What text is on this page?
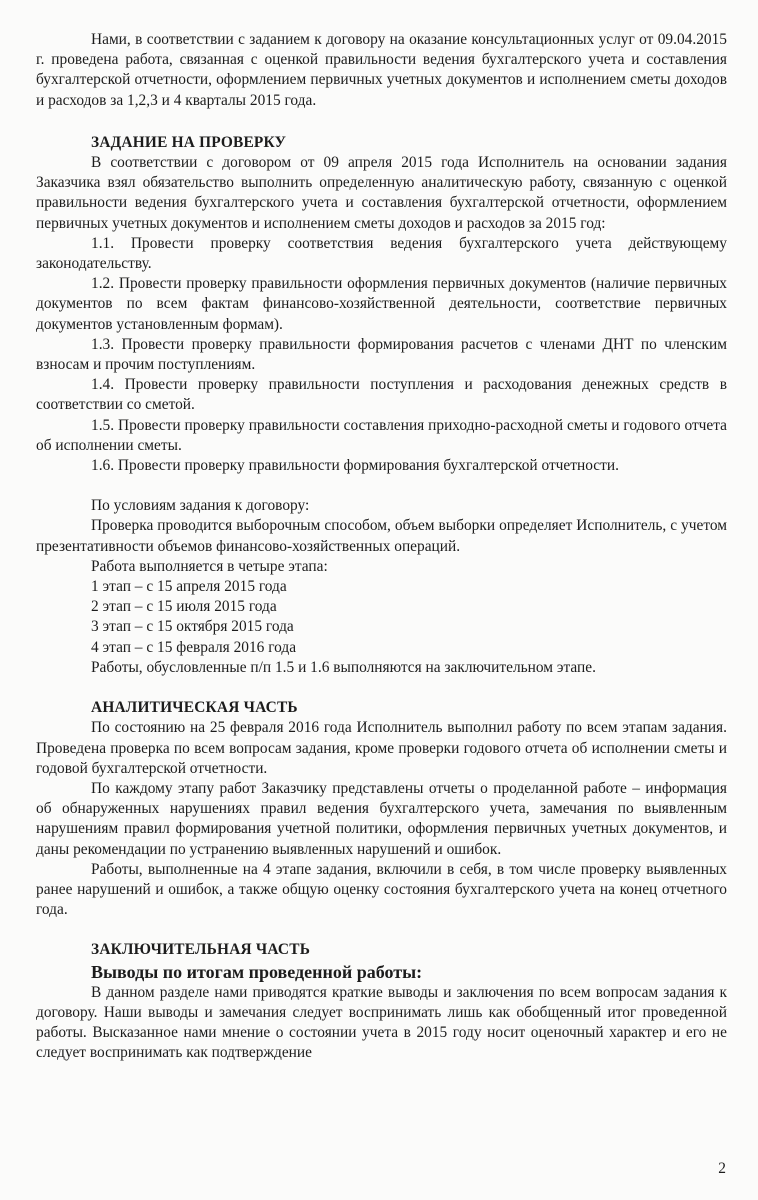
Нами, в соответствии с заданием к договору на оказание консультационных услуг от 09.04.2015 г. проведена работа, связанная с оценкой правильности ведения бухгалтерского учета и составления бухгалтерской отчетности, оформлением первичных учетных документов и исполнением сметы доходов и расходов за 1,2,3 и 4 кварталы 2015 года.

ЗАДАНИЕ НА ПРОВЕРКУ

В соответствии с договором от 09 апреля 2015 года Исполнитель на основании задания Заказчика взял обязательство выполнить определенную аналитическую работу, связанную с оценкой правильности ведения бухгалтерского учета и составления бухгалтерской отчетности, оформлением первичных учетных документов и исполнением сметы доходов и расходов за 2015 год:

1.1. Провести проверку соответствия ведения бухгалтерского учета действующему законодательству.

1.2. Провести проверку правильности оформления первичных документов (наличие первичных документов по всем фактам финансово-хозяйственной деятельности, соответствие первичных документов установленным формам).

1.3. Провести проверку правильности формирования расчетов с членами ДНТ по членским взносам и прочим поступлениям.

1.4. Провести проверку правильности поступления и расходования денежных средств в соответствии со сметой.

1.5. Провести проверку правильности составления приходно-расходной сметы и годового отчета об исполнении сметы.

1.6. Провести проверку правильности формирования бухгалтерской отчетности.

По условиям задания к договору:

Проверка проводится выборочным способом, объем выборки определяет Исполнитель, с учетом презентативности объемов финансово-хозяйственных операций.

Работа выполняется в четыре этапа:

1 этап – с 15 апреля 2015 года

2 этап – с 15 июля 2015 года

3 этап – с 15 октября 2015 года

4 этап – с 15 февраля 2016 года

Работы, обусловленные п/п 1.5 и 1.6 выполняются на заключительном этапе.

АНАЛИТИЧЕСКАЯ ЧАСТЬ

По состоянию на 25 февраля 2016 года Исполнитель выполнил работу по всем этапам задания. Проведена проверка по всем вопросам задания, кроме проверки годового отчета об исполнении сметы и годовой бухгалтерской отчетности.

По каждому этапу работ Заказчику представлены отчеты о проделанной работе – информация об обнаруженных нарушениях правил ведения бухгалтерского учета, замечания по выявленным нарушениям правил формирования учетной политики, оформления первичных учетных документов, и даны рекомендации по устранению выявленных нарушений и ошибок.

Работы, выполненные на 4 этапе задания, включили в себя, в том числе проверку выявленных ранее нарушений и ошибок, а также общую оценку состояния бухгалтерского учета на конец отчетного года.

ЗАКЛЮЧИТЕЛЬНАЯ ЧАСТЬ
Выводы по итогам проведенной работы:

В данном разделе нами приводятся краткие выводы и заключения по всем вопросам задания к договору. Наши выводы и замечания следует воспринимать лишь как обобщенный итог проведенной работы. Высказанное нами мнение о состоянии учета в 2015 году носит оценочный характер и его не следует воспринимать как подтверждение

2
